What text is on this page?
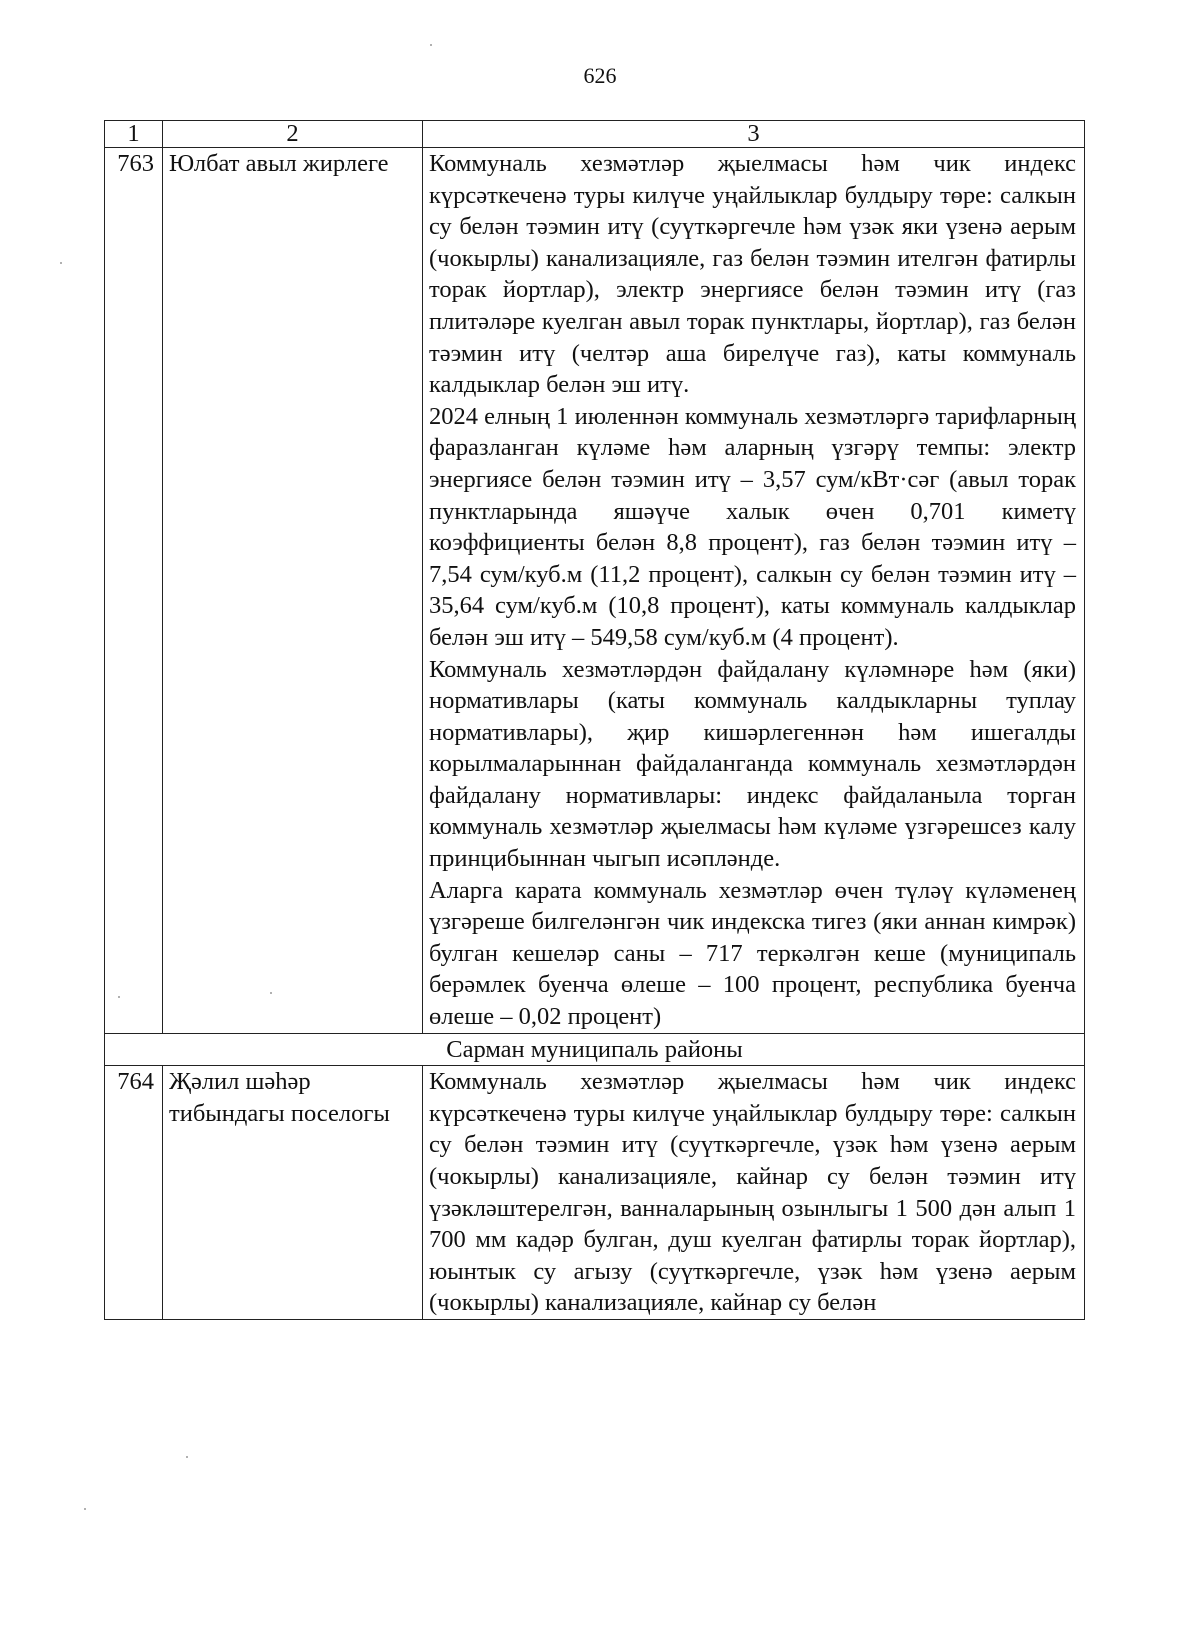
626
1	2	3
763	Юлбат авыл жирлеге	Коммуналь хезмәтләр җыелмасы һәм чик индекс күрсәткеченә туры килүче уңайлыклар булдыру төре: салкын су белән тәэмин итү (суүткәргечле һәм үзәк яки үзенә аерым (чокырлы) канализацияле, газ белән тәэмин ителгән фатирлы торак йортлар), электр энергиясе белән тәэмин итү (газ плитәләре куелган авыл торак пунктлары, йортлар), газ белән тәэмин итү (челтәр аша бирелүче газ), каты коммуналь калдыклар белән эш итү.

2024 елның 1 июленнән коммуналь хезмәтләргә тарифларның фаразланган күләме һәм аларның үзгәрү темпы: электр энергиясе белән тәэмин итү – 3,57 сум/кВт·сәг (авыл торак пунктларында яшәүче халык өчен 0,701 киметү коэффициенты белән 8,8 процент), газ белән тәэмин итү – 7,54 сум/куб.м (11,2 процент), салкын су белән тәэмин итү – 35,64 сум/куб.м (10,8 процент), каты коммуналь калдыклар белән эш итү – 549,58 сум/куб.м (4 процент).

Коммуналь хезмәтләрдән файдалану күләмнәре һәм (яки) нормативлары (каты коммуналь калдыкларны туплау нормативлары), җир кишәрлегеннән һәм ишегалды корылмаларыннан файдаланганда коммуналь хезмәтләрдән файдалану нормативлары: индекс файдаланыла торган коммуналь хезмәтләр җыелмасы һәм күләме үзгәрешсез калу принцибыннан чыгып исәпләнде.

Аларга карата коммуналь хезмәтләр өчен түләү күләменең үзгәреше билгеләнгән чик индекска тигез (яки аннан кимрәк) булган кешеләр саны – 717 теркәлгән кеше (муниципаль берәмлек буенча өлеше – 100 процент, республика буенча өлеше – 0,02 процент)

Сарман муниципаль районы		
764	Җәлил шәһәр тибындагы поселогы	Коммуналь хезмәтләр җыелмасы һәм чик индекс күрсәткеченә туры килүче уңайлыклар булдыру төре: салкын су белән тәэмин итү (суүткәргечле, үзәк һәм үзенә аерым (чокырлы) канализацияле, кайнар су белән тәэмин итү үзәкләштерелгән, ванналарының озынлыгы 1 500 дән алып 1 700 мм кадәр булган, душ куелган фатирлы торак йортлар), юынтык су агызу (суүткәргечле, үзәк һәм үзенә аерым (чокырлы) канализацияле, кайнар су белән
